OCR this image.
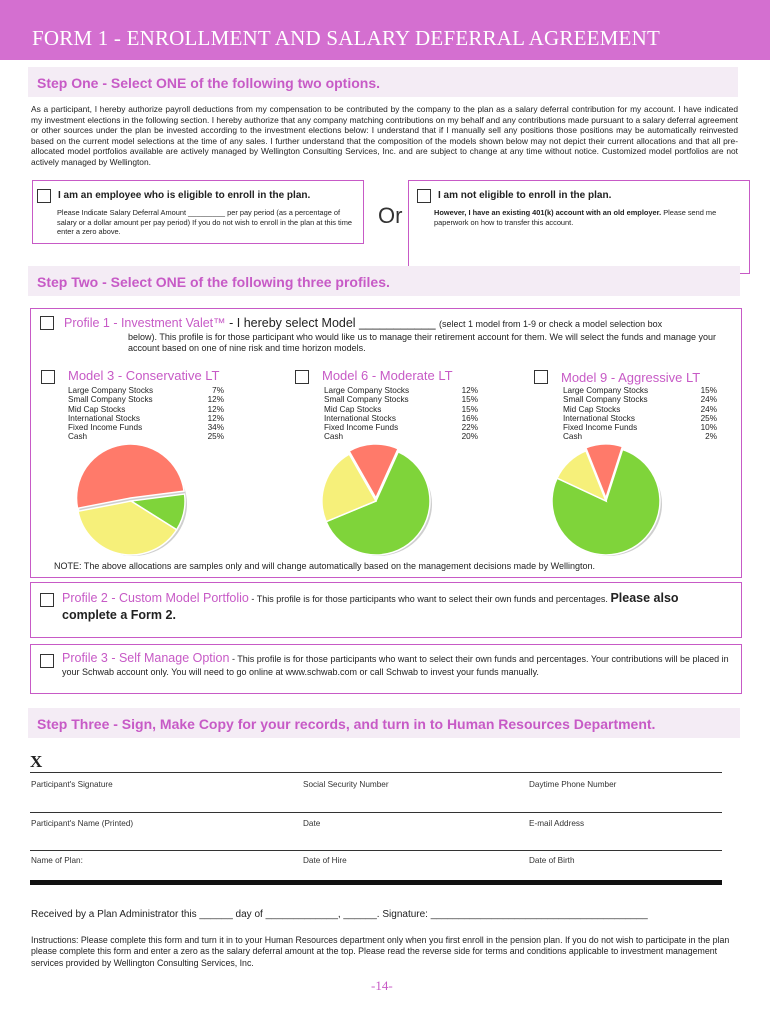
FORM 1 - ENROLLMENT AND SALARY DEFERRAL AGREEMENT
Step One - Select ONE of the following two options.
As a participant, I hereby authorize payroll deductions from my compensation to be contributed by the company to the plan as a salary deferral contribution for my account. I have indicated my investment elections in the following section. I hereby authorize that any company matching contributions on my behalf and any contributions made pursuant to a salary deferral agreement or other sources under the plan be invested according to the investment elections below: I understand that if I manually sell any positions those positions may be automatically reinvested based on the current model selections at the time of any sales. I further understand that the composition of the models shown below may not depict their current allocations and that all pre-allocated model portfolios available are actively managed by Wellington Consulting Services, Inc. and are subject to change at any time without notice. Customized model portfolios are not actively managed by Wellington.
I am an employee who is eligible to enroll in the plan.
Please Indicate Salary Deferral Amount _________ per pay period (as a percentage of salary or a dollar amount per pay period) If you do not wish to enroll in the plan at this time enter a zero above.
Or
I am not eligible to enroll in the plan.
However, I have an existing 401(k) account with an old employer. Please send me paperwork on how to transfer this account.
Step Two - Select ONE of the following three profiles.
Profile 1 - Investment Valet™ - I hereby select Model ___________ (select 1 model from 1-9 or check a model selection box
below). This profile is for those participant who would like us to manage their retirement account for them. We will select the funds and manage your account based on one of nine risk and time horizon models.
Model 3 - Conservative LT
Large Company Stocks	7%
Small Company Stocks	12%
Mid Cap Stocks	12%
International Stocks	12%
Fixed Income Funds	34%
Cash	25%
Model 6 - Moderate LT
Large Company Stocks	12%
Small Company Stocks	15%
Mid Cap Stocks	15%
International Stocks	16%
Fixed Income Funds	22%
Cash	20%
Model 9 - Aggressive LT
Large Company Stocks	15%
Small Company Stocks	24%
Mid Cap Stocks	24%
International Stocks	25%
Fixed Income Funds	10%
Cash	2%
NOTE: The above allocations are samples only and will change automatically based on the management decisions made by Wellington.
Profile 2 - Custom Model Portfolio - This profile is for those participants who want to select their own funds and percentages. Please also complete a Form 2.
Profile 3 - Self Manage Option - This profile is for those participants who want to select their own funds and percentages. Your contributions will be placed in your Schwab account only. You will need to go online at www.schwab.com or call Schwab to invest your funds manually.
Step Three - Sign, Make Copy for your records, and turn in to Human Resources Department.
X
Participant's Signature	Social Security Number	Daytime Phone Number
Participant's Name (Printed)	Date	E-mail Address
Name of Plan:	Date of Hire	Date of Birth
Received by a Plan Administrator this ______ day of _____________, ______. Signature: _______________________________________
Instructions: Please complete this form and turn it in to your Human Resources department only when you first enroll in the pension plan. If you do not wish to participate in the plan please complete this form and enter a zero as the salary deferral amount at the top. Please read the reverse side for terms and conditions applicable to investment management services provided by Wellington Consulting Services, Inc.
-14-
